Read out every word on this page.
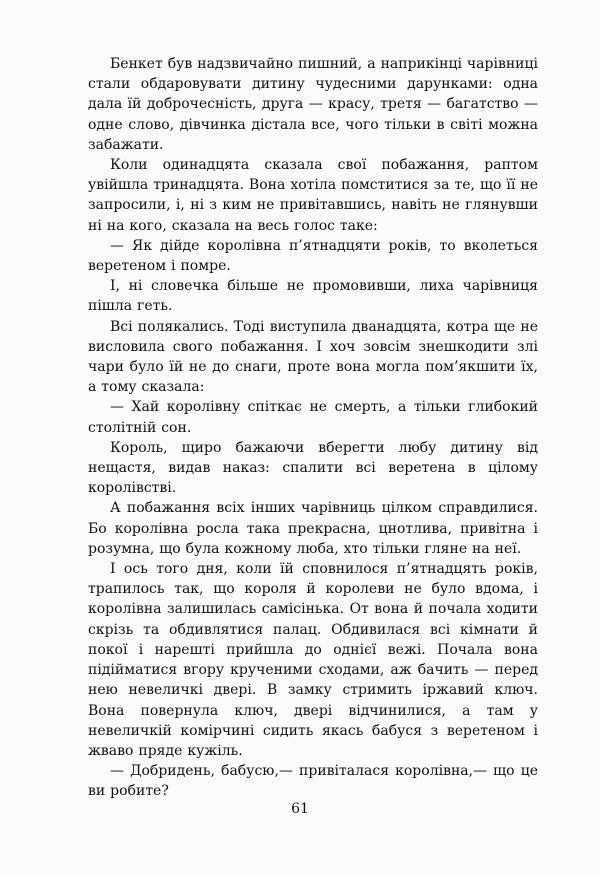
Бенкет був надзвичайно пишний, а наприкінці чарівниці стали обдаровувати дитину чудесними дарунками: одна дала їй доброчесність, друга — красу, третя — багатство — одне слово, дівчинка дістала все, чого тільки в світі можна забажати.

Коли одинадцята сказала свої побажання, раптом увійшла тринадцята. Вона хотіла помститися за те, що її не запросили, і, ні з ким не привітавшись, навіть не глянувши ні на кого, сказала на весь голос таке:

— Як дійде королівна п’ятнадцяти років, то вколеться веретеном і помре.

І, ні словечка більше не промовивши, лиха чарівниця пішла геть.

Всі полякались. Тоді виступила дванадцята, котра ще не висловила свого побажання. І хоч зовсім знешкодити злі чари було їй не до снаги, проте вона могла пом’якшити їх, а тому сказала:

— Хай королівну спіткає не смерть, а тільки глибокий столітній сон.

Король, щиро бажаючи вберегти любу дитину від нещастя, видав наказ: спалити всі веретена в цілому королівстві.

А побажання всіх інших чарівниць цілком справдилися. Бо королівна росла така прекрасна, цнотлива, привітна і розумна, що була кожному люба, хто тільки гляне на неї.

І ось того дня, коли їй сповнилося п’ятнадцять років, трапилось так, що короля й королеви не було вдома, і королівна залишилась самісінька. От вона й почала ходити скрізь та обдивлятися палац. Обдивилася всі кімнати й покої і нарешті прийшла до однієї вежі. Почала вона підійматися вгору крученими сходами, аж бачить — перед нею невеличкі двері. В замку стримить іржавий ключ. Вона повернула ключ, двері відчинилися, а там у невеличкій комірчині сидить якась бабуся з веретеном і жваво пряде кужіль.

— Добридень, бабусю,— привіталася королівна,— що це ви робите?

61
